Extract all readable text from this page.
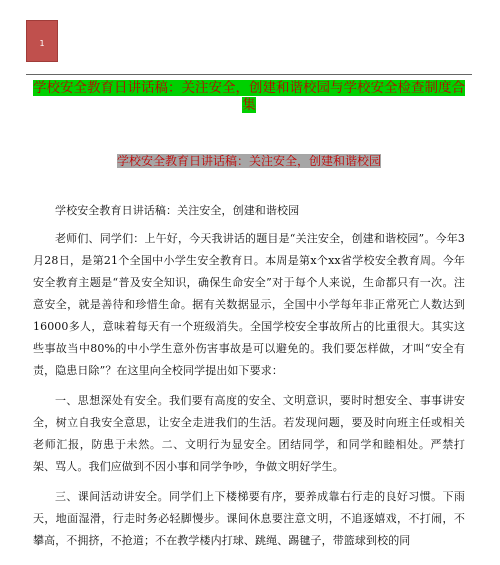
1
学校安全教育日讲话稿：关注安全，创建和谐校园与学校安全检查制度合集
学校安全教育日讲话稿：关注安全，创建和谐校园

学校安全教育日讲话稿：关注安全，创建和谐校园

老师们、同学们：上午好，今天我讲话的题目是“关注安全，创建和谐校园”。今年3月28日，是第21个全国中小学生安全教育日。本周是第x个xx省学校安全教育周。今年安全教育主题是“普及安全知识，确保生命安全”对于每个人来说，生命都只有一次。注意安全，就是善待和珍惜生命。据有关数据显示，全国中小学每年非正常死亡人数达到16000多人，意味着每天有一个班级消失。全国学校安全事故所占的比重很大。其实这些事故当中80%的中小学生意外伤害事故是可以避免的。我们要怎样做，才叫“安全有责，隐患日除”？在这里向全校同学提出如下要求：

一、思想深处有安全。我们要有高度的安全、文明意识，要时时想安全、事事讲安全，树立自我安全意思，让安全走进我们的生活。若发现问题，要及时向班主任或相关老师汇报，防患于未然。二、文明行为显安全。团结同学，和同学和睦相处。严禁打架、骂人。我们应做到不因小事和同学争吵，争做文明好学生。

三、课间活动讲安全。同学们上下楼梯要有序，要养成靠右行走的良好习惯。下雨天，地面湿滑，行走时务必轻脚慢步。课间休息要注意文明，不追逐嬉戏，不打闹，不攀高，不拥挤，不抢道；不在教学楼内打球、跳绳、踢毽子，带篮球到校的同
